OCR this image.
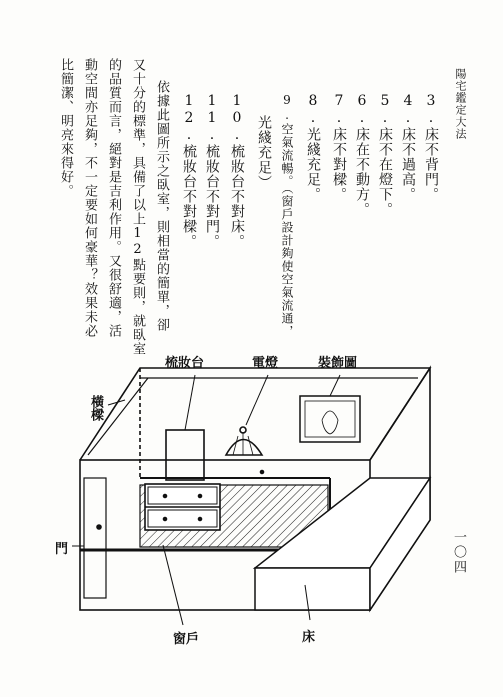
陽宅鑑定大法
一〇四
3.床不背門。
4.床不過高。
5.床不在燈下。
6.床在不動方。
7.床不對樑。
8.光綫充足。
9.空氣流暢。（窗戶設計夠使空氣流通，
光綫充足）
10.梳妝台不對床。
11.梳妝台不對門。
12.梳妝台不對樑。
依據此圖所示之臥室，則相當的簡單，卻
又十分的標準，具備了以上12點要則，就臥室
的品質而言，絕對是吉利作用。又很舒適，活
動空間亦足夠，不一定要如何豪華？效果未必
比簡潔、明亮來得好。
梳妝台	電燈	裝飾圖
橫樑
門
窗戶	床
